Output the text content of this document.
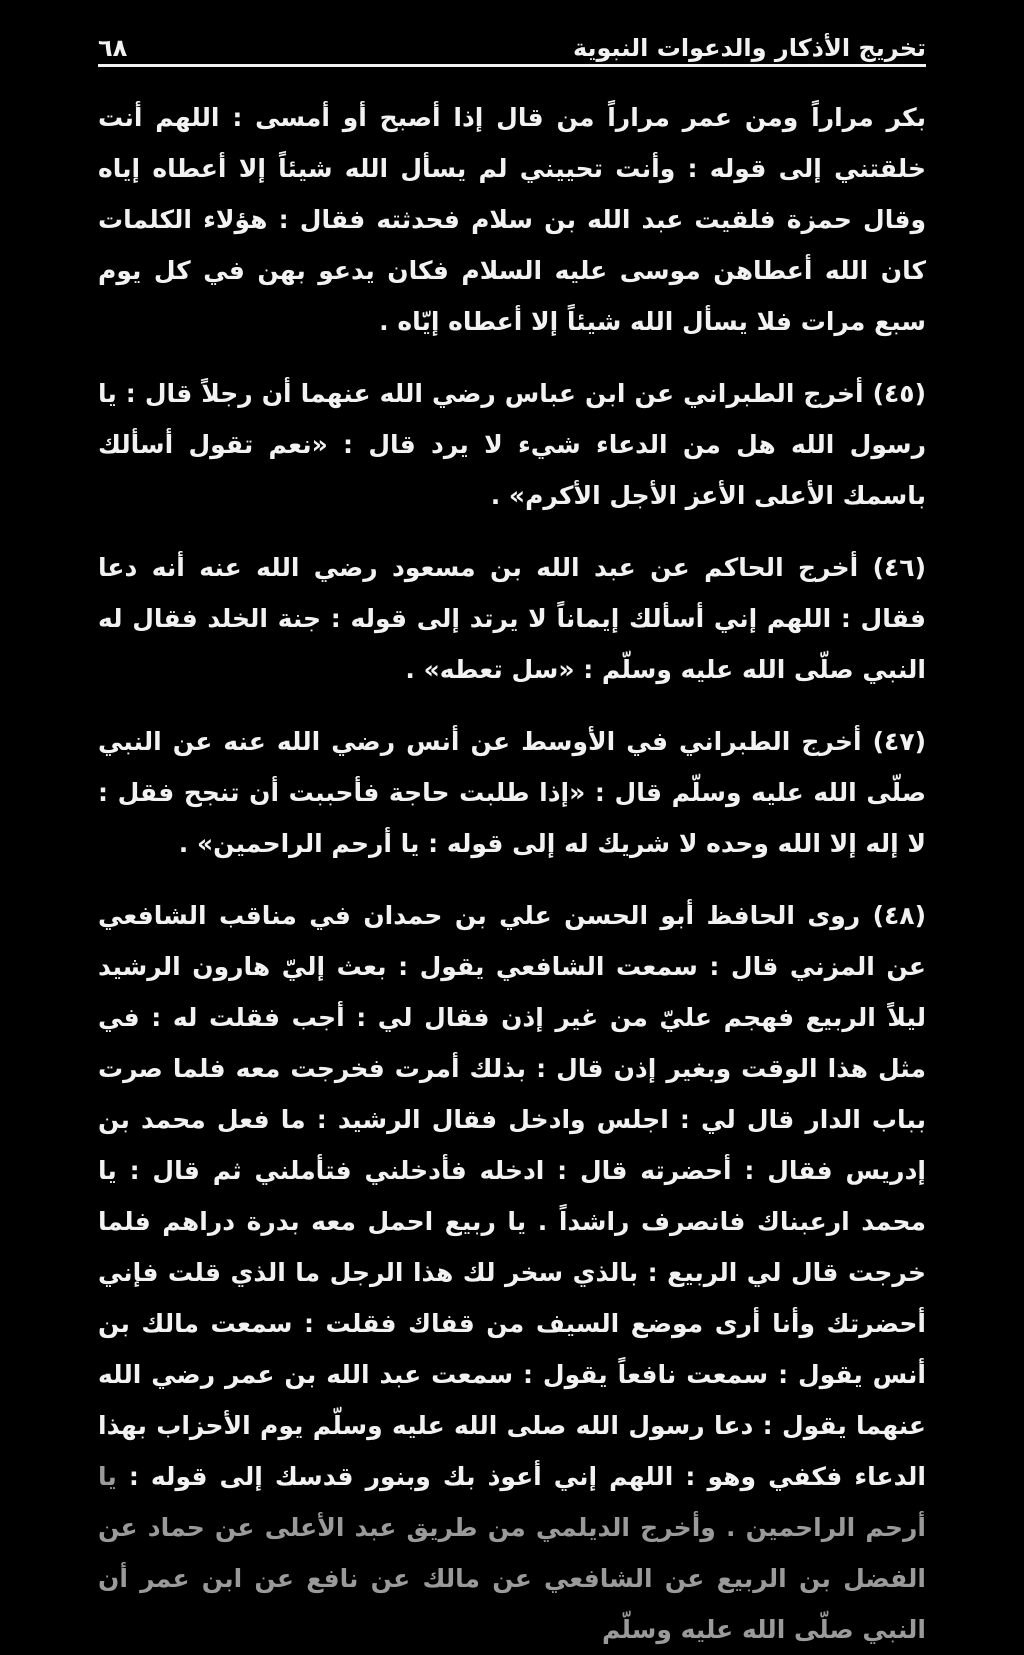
تخريج الأذكار والدعوات النبوية
٦٨

بكر مراراً ومن عمر مراراً من قال إذا أصبح أو أمسى : اللهم أنت خلقتني إلى قوله : وأنت تحييني لم يسأل الله شيئاً إلا أعطاه إياه وقال حمزة فلقيت عبد الله بن سلام فحدثته فقال : هؤلاء الكلمات كان الله أعطاهن موسى عليه السلام فكان يدعو بهن في كل يوم سبع مرات فلا يسأل الله شيئاً إلا أعطاه إيّاه .

(٤٥) أخرج الطبراني عن ابن عباس رضي الله عنهما أن رجلاً قال : يا رسول الله هل من الدعاء شيء لا يرد قال : «نعم تقول أسألك باسمك الأعلى الأعز الأجل الأكرم» .

(٤٦) أخرج الحاكم عن عبد الله بن مسعود رضي الله عنه أنه دعا فقال : اللهم إني أسألك إيماناً لا يرتد إلى قوله : جنة الخلد فقال له النبي صلّى الله عليه وسلّم : «سل تعطه» .

(٤٧) أخرج الطبراني في الأوسط عن أنس رضي الله عنه عن النبي صلّى الله عليه وسلّم قال : «إذا طلبت حاجة فأحببت أن تنجح فقل : لا إله إلا الله وحده لا شريك له إلى قوله : يا أرحم الراحمين» .

(٤٨) روى الحافظ أبو الحسن علي بن حمدان في مناقب الشافعي عن المزني قال : سمعت الشافعي يقول : بعث إليّ هارون الرشيد ليلاً الربيع فهجم عليّ من غير إذن فقال لي : أجب فقلت له : في مثل هذا الوقت وبغير إذن قال : بذلك أمرت فخرجت معه فلما صرت بباب الدار قال لي : اجلس وادخل فقال الرشيد : ما فعل محمد بن إدريس فقال : أحضرته قال : ادخله فأدخلني فتأملني ثم قال : يا محمد ارعبناك فانصرف راشداً . يا ربيع احمل معه بدرة دراهم فلما خرجت قال لي الربيع : بالذي سخر لك هذا الرجل ما الذي قلت فإني أحضرتك وأنا أرى موضع السيف من قفاك فقلت : سمعت مالك بن أنس يقول : سمعت نافعاً يقول : سمعت عبد الله بن عمر رضي الله عنهما يقول : دعا رسول الله صلى الله عليه وسلّم يوم الأحزاب بهذا الدعاء فكفي وهو : اللهم إني أعوذ بك وبنور قدسك إلى قوله : يا أرحم الراحمين . وأخرج الديلمي من طريق عبد الأعلى عن حماد عن الفضل بن الربيع عن الشافعي عن مالك عن نافع عن ابن عمر أن النبي صلّى الله عليه وسلّم
